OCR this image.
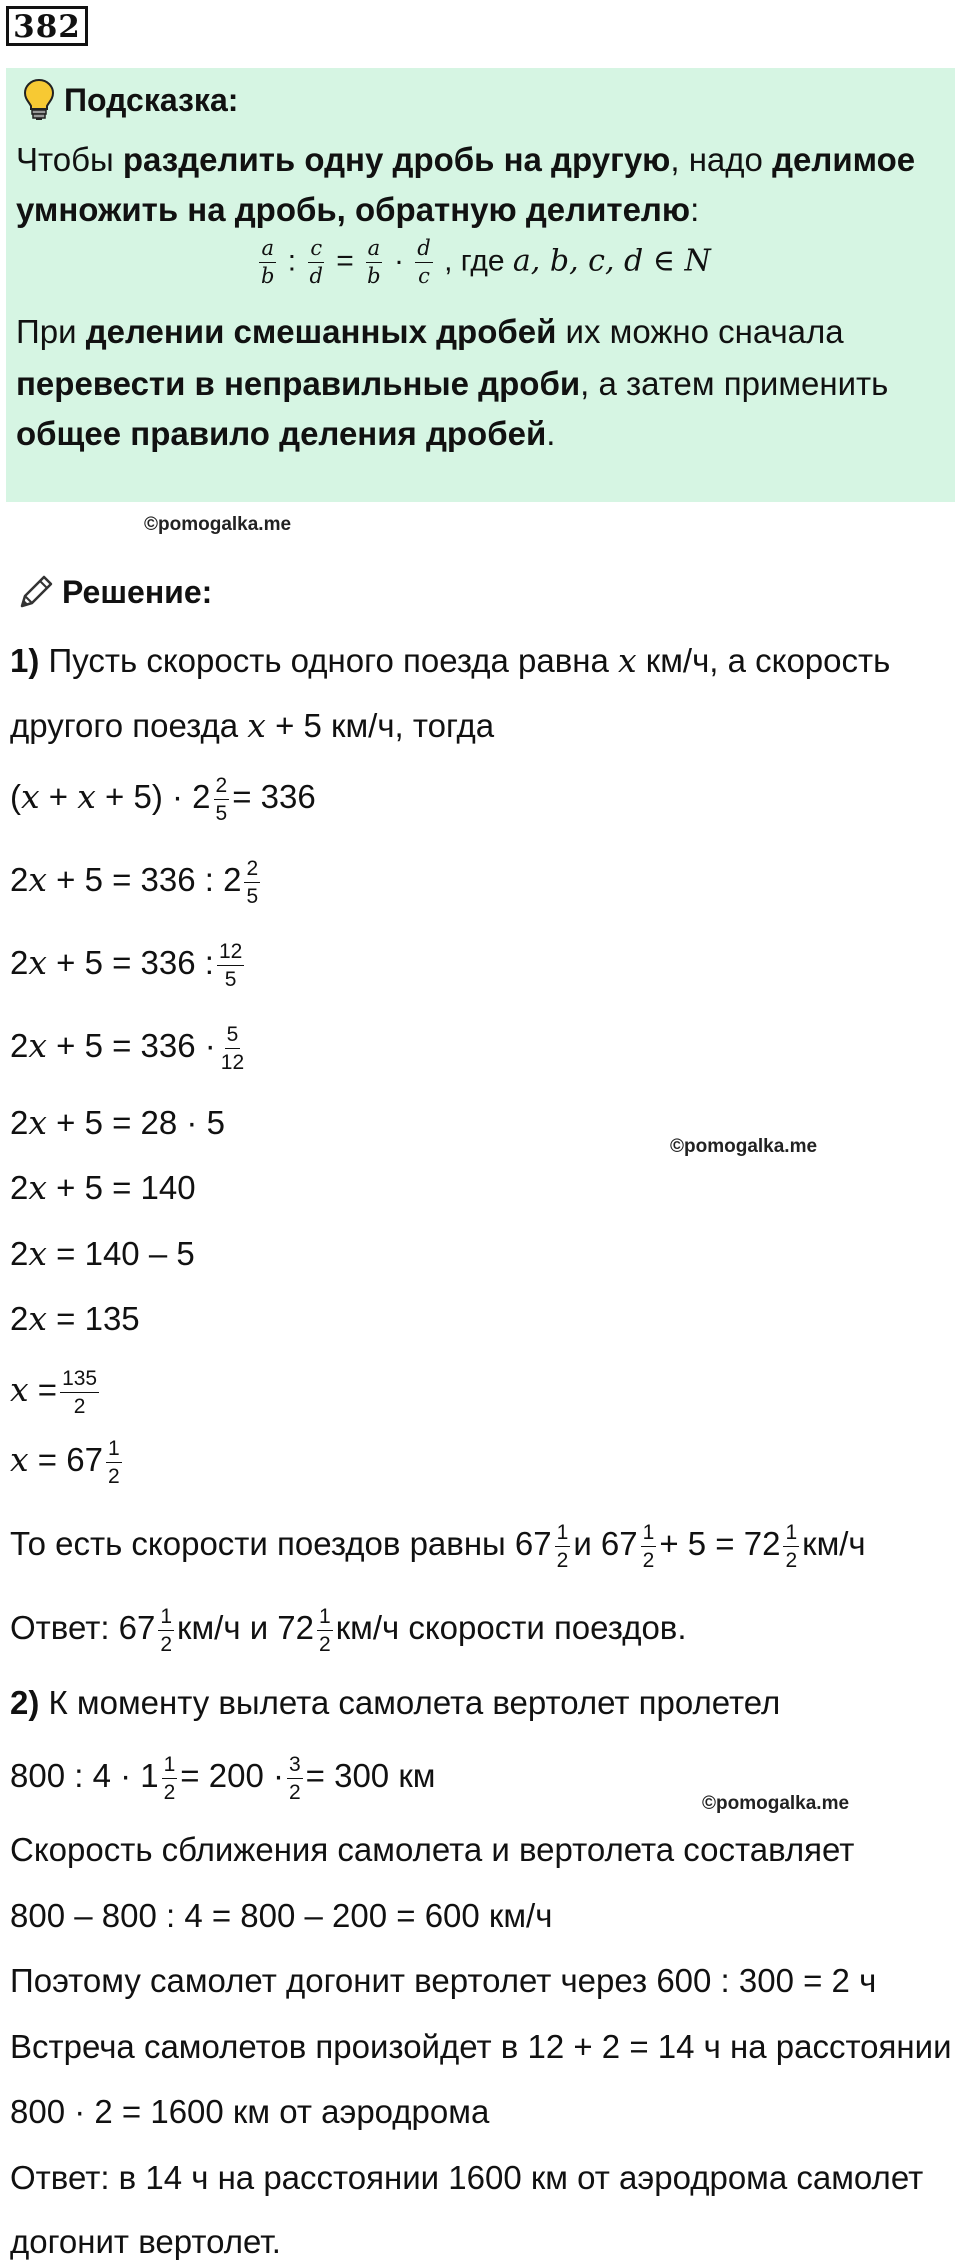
382
Подсказка:
Чтобы разделить одну дробь на другую, надо делимое
умножить на дробь, обратную делителю:
$\frac{a}{b}$ : $\frac{c}{d} = \frac{a}{b} \cdot \frac{d}{c}$ , где a, b, c, d ∈ N
При делении смешанных дробей их можно сначала
перевести в неправильные дроби, а затем применить
общее правило деления дробей.
©pomogalka.me
Решение:
1) Пусть скорость одного поезда равна x км/ч, а скорость
другого поезда x + 5 км/ч, тогда
$(x + x + 5) \cdot 2 \frac{2}{5} = 336$
2x + 5 = 336 : $2 \frac{2}{5}$
2x + 5 = 336 : $\frac{12}{5}$
$2x + 5 = 336 \cdot \frac{5}{12}$
2x + 5 = 28 · 5
©pomogalka.me
2x + 5 = 140
2x = 140 – 5
2x = 135
$x = \frac{135}{2}$
$x = 67 \frac{1}{2}$
То есть скорости поездов равны $67 \frac{1}{2}$ и $67 \frac{1}{2} + 5 = 72 \frac{1}{2} км/ч$
Ответ: $67 \frac{1}{2} км/ч$ и $72 \frac{1}{2} км/ч$ скорости поездов.
2) К моменту вылета самолета вертолет пролетел
800 : $4 \cdot 1 \frac{1}{2} = 200 \cdot \frac{3}{2} = 300$ км
©pomogalka.me
Скорость сближения самолета и вертолета составляет
800 – 800 : 4 = 800 – 200 = 600 км/ч
Поэтому самолет догонит вертолет через 600 : 300 = 2 ч
Встреча самолетов произойдет в 12 + 2 = 14 ч на расстоянии
800 · 2 = 1600 км от аэродрома
Ответ: в 14 ч на расстоянии 1600 км от аэродрома самолет
догонит вертолет.
